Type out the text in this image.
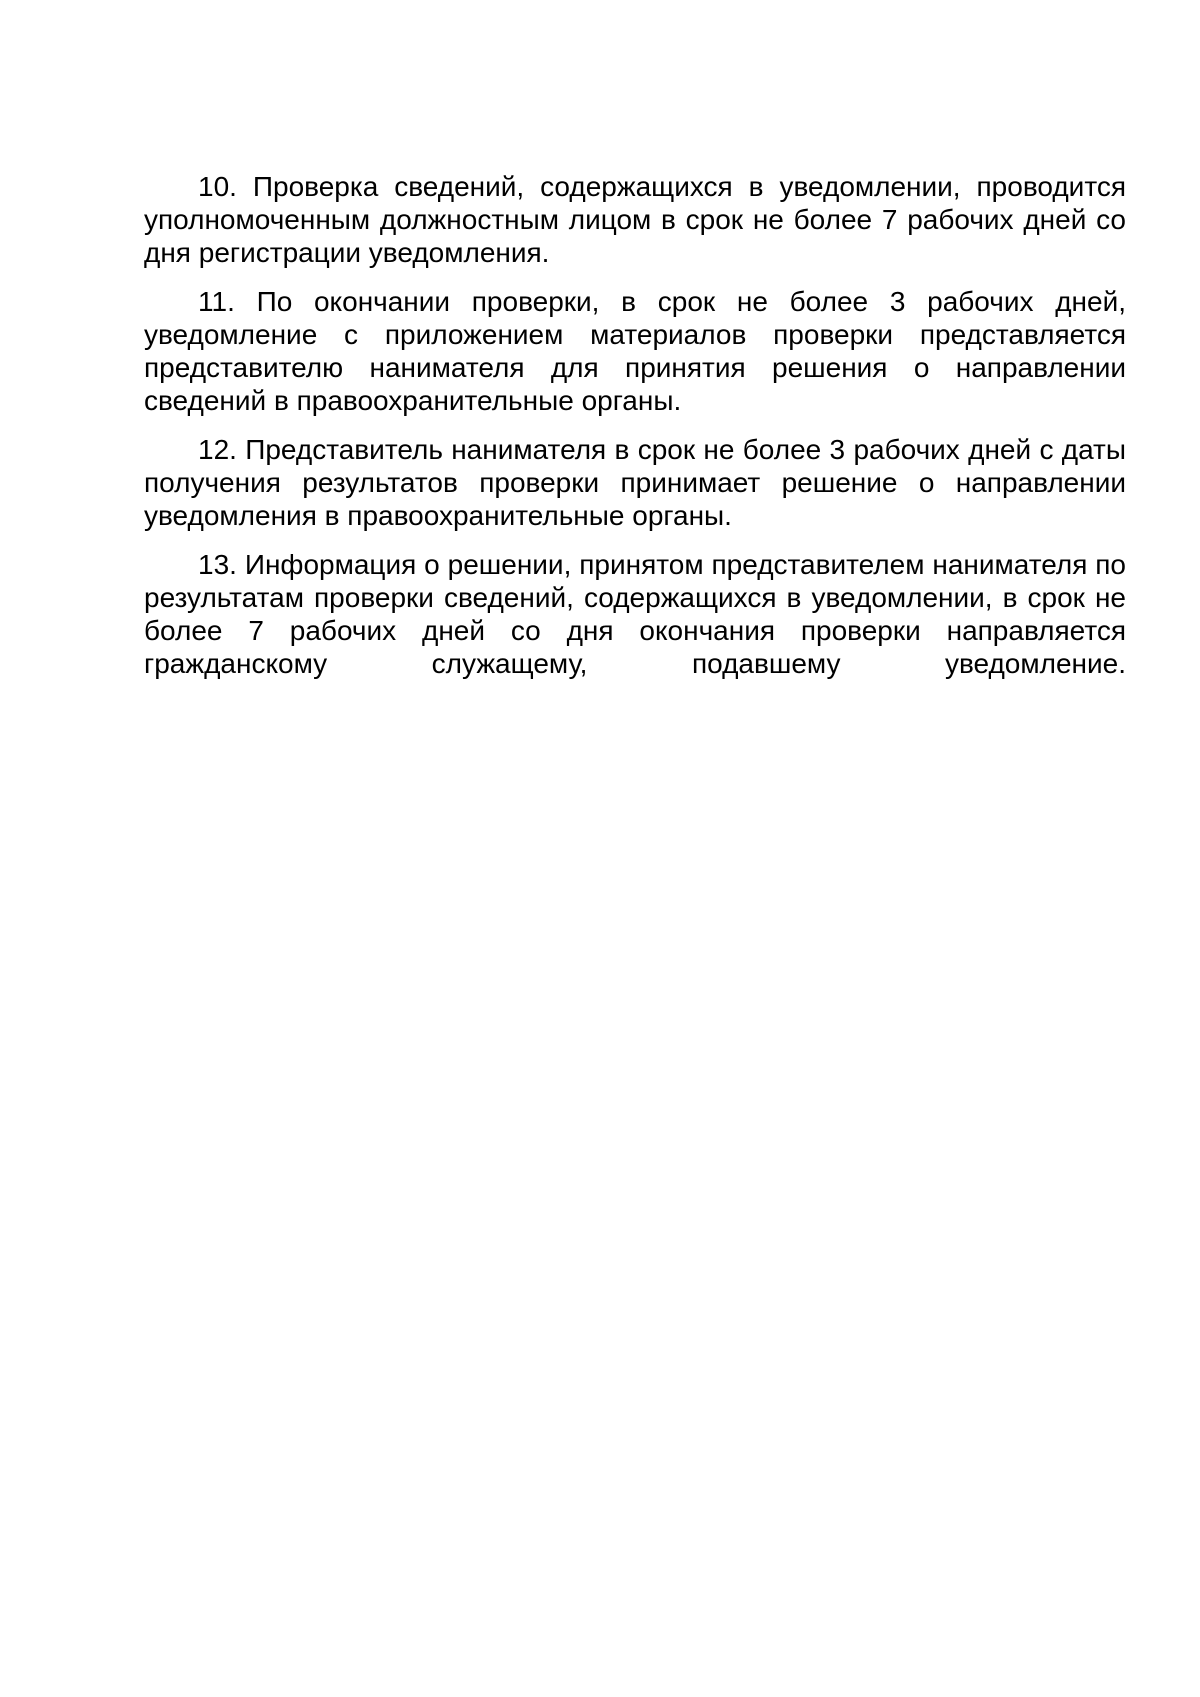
10. Проверка сведений, содержащихся в уведомлении, проводится уполномоченным должностным лицом в срок не более 7 рабочих дней со дня регистрации уведомления.

11. По окончании проверки, в срок не более 3 рабочих дней, уведомление с приложением материалов проверки представляется представителю нанимателя для принятия решения о направлении сведений в правоохранительные органы.

12. Представитель нанимателя в срок не более 3 рабочих дней с даты получения результатов проверки принимает решение о направлении уведомления в правоохранительные органы.

13. Информация о решении, принятом представителем нанимателя по результатам проверки сведений, содержащихся в уведомлении, в срок не более 7 рабочих дней со дня окончания проверки направляется гражданскому служащему, подавшему уведомление.
